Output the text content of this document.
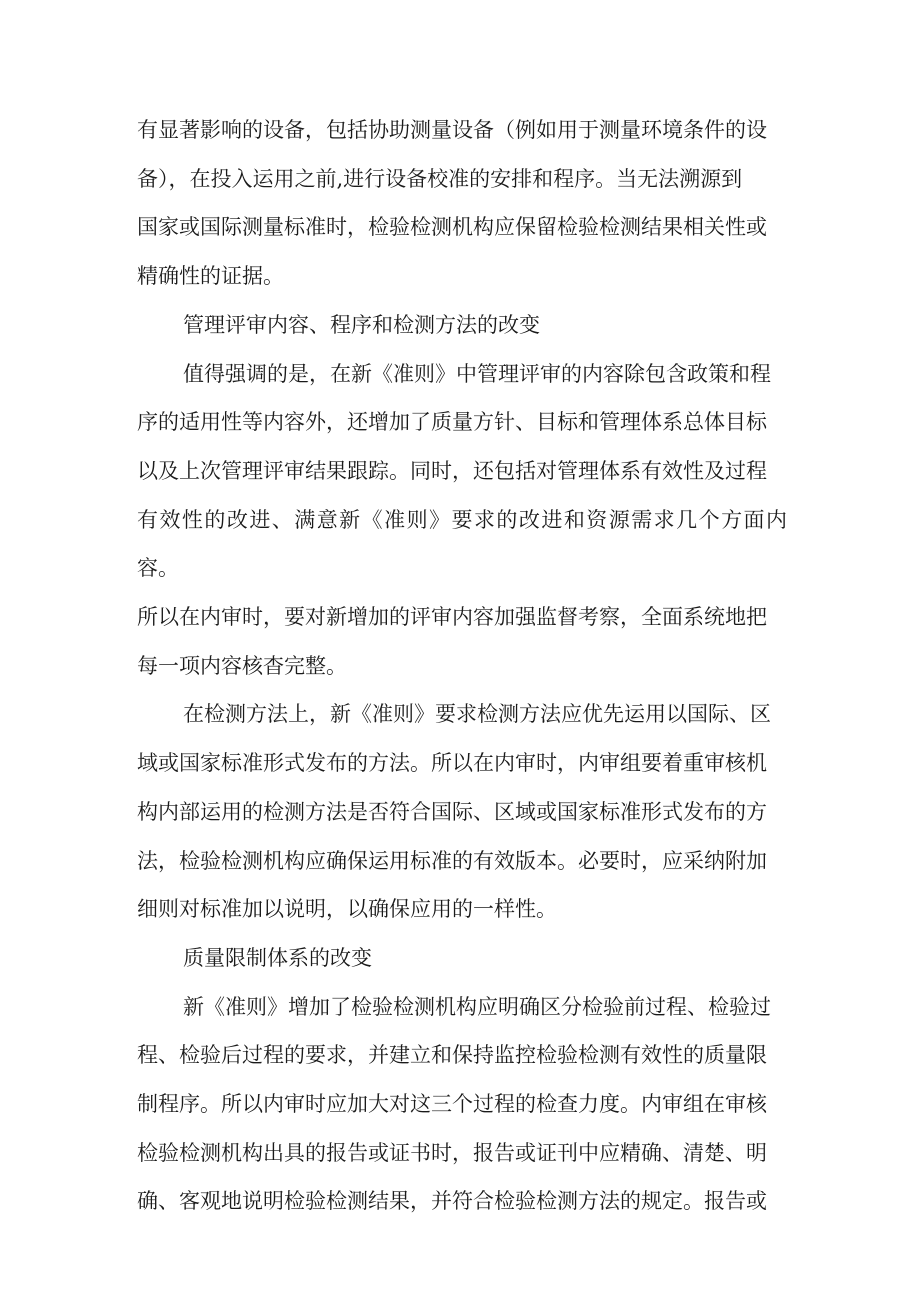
有显著影响的设备，包括协助测量设备（例如用于测量环境条件的设
备），在投入运用之前,进行设备校准的安排和程序。当无法溯源到
国家或国际测量标准时，检验检测机构应保留检验检测结果相关性或
精确性的证据。

管理评审内容、程序和检测方法的改变

值得强调的是，在新《准则》中管理评审的内容除包含政策和程
序的适用性等内容外，还增加了质量方针、目标和管理体系总体目标
以及上次管理评审结果跟踪。同时，还包括对管理体系有效性及过程
有效性的改进、满意新《准则》要求的改进和资源需求几个方面内容。
所以在内审时，要对新增加的评审内容加强监督考察，全面系统地把
每一项内容核杳完整。

在检测方法上，新《准则》要求检测方法应优先运用以国际、区
域或国家标准形式发布的方法。所以在内审时，内审组要着重审核机
构内部运用的检测方法是否符合国际、区域或国家标准形式发布的方
法，检验检测机构应确保运用标准的有效版本。必要时，应采纳附加
细则对标准加以说明，以确保应用的一样性。

质量限制体系的改变

新《准则》增加了检验检测机构应明确区分检验前过程、检验过
程、检验后过程的要求，并建立和保持监控检验检测有效性的质量限
制程序。所以内审时应加大对这三个过程的检查力度。内审组在审核
检验检测机构出具的报告或证书时，报告或证刊中应精确、清楚、明
确、客观地说明检验检测结果，并符合检验检测方法的规定。报告或
